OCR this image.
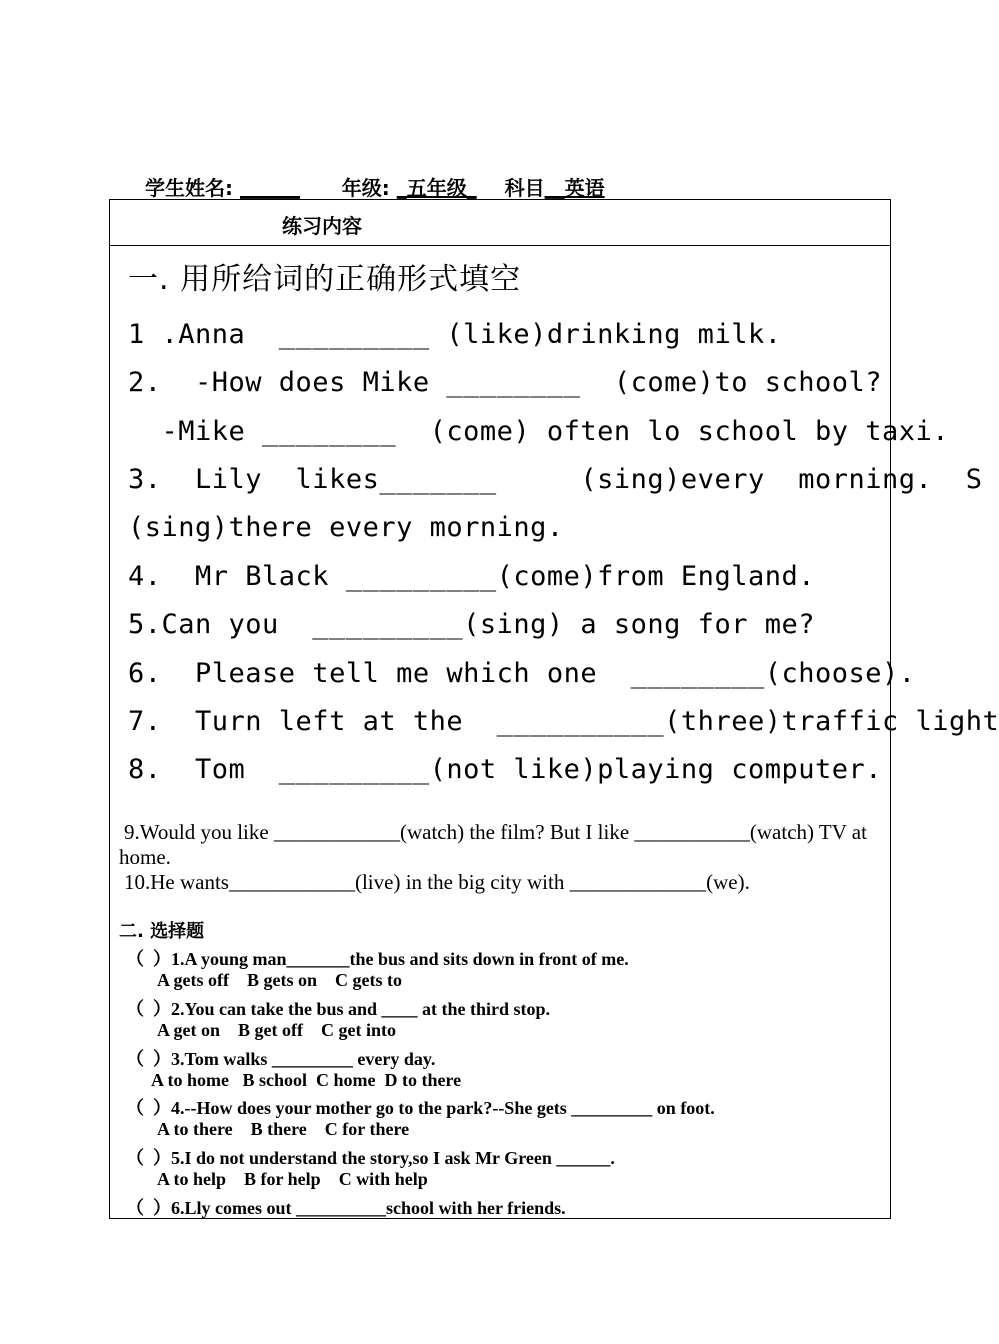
学生姓名: ______ 年级: _五年级_ 科目__英语
练习内容
一. 用所给词的正确形式填空
1 .Anna  _________ (like)drinking milk.
2.  -How does Mike ________  (come)to school?
-Mike ________  (come) often lo school by taxi.
3.  Lily  likes_______     (sing)every  morning.  S
(sing)there every morning.
4.  Mr Black _________(come)from England.
5.Can you  _________(sing) a song for me?
6.  Please tell me which one  ________(choose).
7.  Turn left at the  __________(three)traffic light
8.  Tom  _________(not like)playing computer.
9.Would you like ____________(watch) the film? But I like ___________(watch) TV at home.
10.He wants____________(live) in the big city with _____________(we).
二. 选择题
（  ）1.A young man_______the bus and sits down in front of me.
A gets off    B gets on    C gets to
（  ）2.You can take the bus and ____ at the third stop.
A get on    B get off    C get into
（  ）3.Tom walks _________ every day.
A to home   B school  C home  D to there
（  ）4.--How does your mother go to the park?--She gets _________ on foot.
A to there    B there    C for there
（  ）5.I do not understand the story,so I ask Mr Green ______.
A to help    B for help    C with help
（  ）6.Lly comes out __________school with her friends.
